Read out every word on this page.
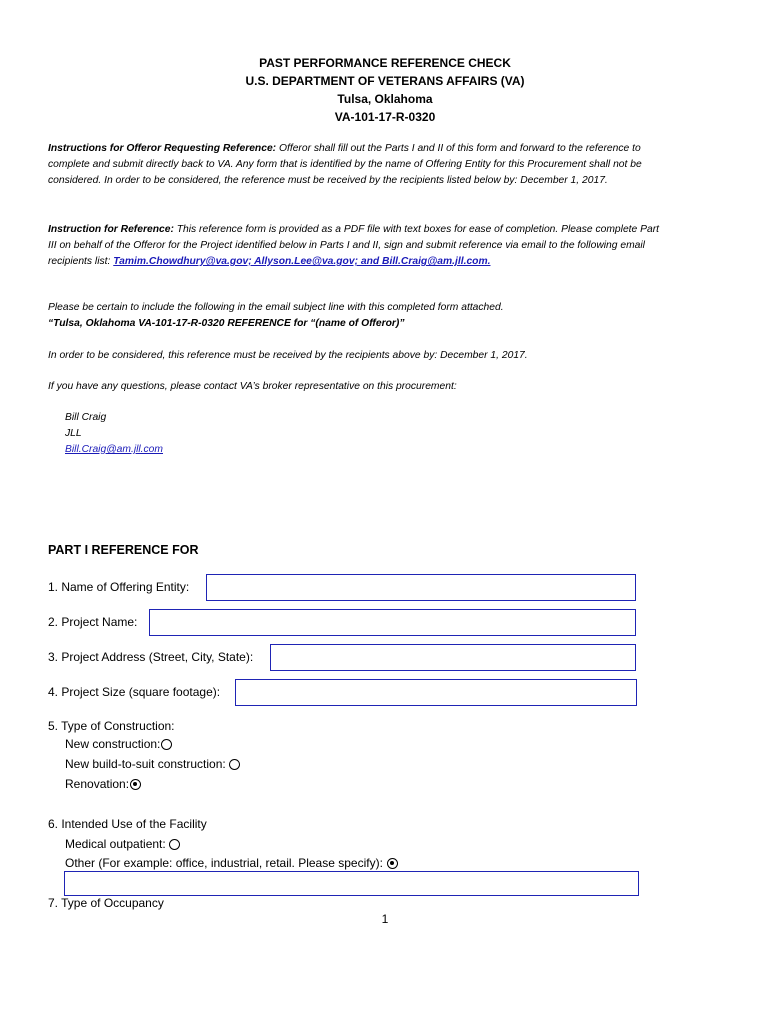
PAST PERFORMANCE REFERENCE CHECK
U.S. DEPARTMENT OF VETERANS AFFAIRS (VA)
Tulsa, Oklahoma
VA-101-17-R-0320
Instructions for Offeror Requesting Reference: Offeror shall fill out the Parts I and II of this form and forward to the reference to complete and submit directly back to VA. Any form that is identified by the name of Offering Entity for this Procurement shall not be considered. In order to be considered, the reference must be received by the recipients listed below by: December 1, 2017.
Instruction for Reference: This reference form is provided as a PDF file with text boxes for ease of completion. Please complete Part III on behalf of the Offeror for the Project identified below in Parts I and II, sign and submit reference via email to the following email recipients list: Tamim.Chowdhury@va.gov; Allyson.Lee@va.gov; and Bill.Craig@am.jll.com.
Please be certain to include the following in the email subject line with this completed form attached. “Tulsa, Oklahoma VA-101-17-R-0320 REFERENCE for “(name of Offeror)”
In order to be considered, this reference must be received by the recipients above by: December 1, 2017.
If you have any questions, please contact VA’s broker representative on this procurement:
Bill Craig
JLL
Bill.Craig@am.jll.com
PART I REFERENCE FOR
1. Name of Offering Entity:
2. Project Name:
3. Project Address (Street, City, State):
4. Project Size (square footage):
5. Type of Construction:
New construction:
New build-to-suit construction:
Renovation:
6. Intended Use of the Facility
Medical outpatient:
Other (For example: office, industrial, retail. Please specify):
7. Type of Occupancy
1
